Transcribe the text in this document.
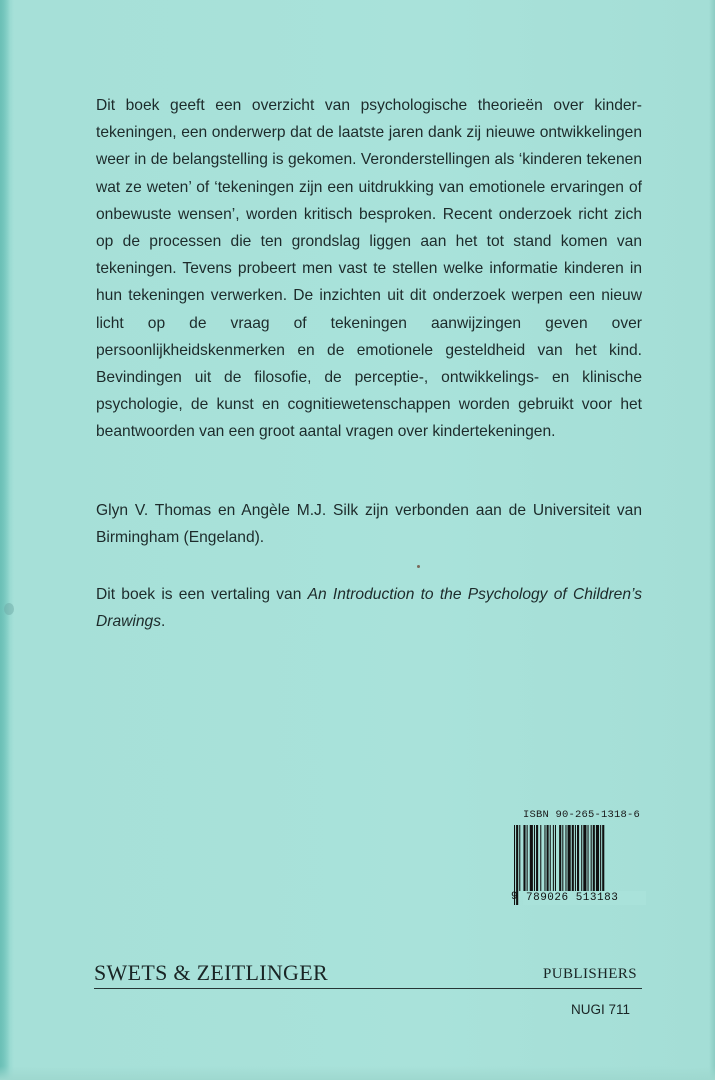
Dit boek geeft een overzicht van psychologische theorieën over kindertekeningen, een onderwerp dat de laatste jaren dank zij nieuwe ontwikkelingen weer in de belangstelling is gekomen. Veronderstellingen als ‘kinderen tekenen wat ze weten’ of ‘tekeningen zijn een uitdrukking van emotionele ervaringen of onbewuste wensen’, worden kritisch besproken. Recent onderzoek richt zich op de processen die ten grondslag liggen aan het tot stand komen van tekeningen. Tevens probeert men vast te stellen welke informatie kinderen in hun tekeningen verwerken. De inzichten uit dit onderzoek werpen een nieuw licht op de vraag of tekeningen aanwijzingen geven over persoonlijkheidskenmerken en de emotionele gesteldheid van het kind. Bevindingen uit de filosofie, de perceptie-, ontwikkelings- en klinische psychologie, de kunst en cognitiewetenschappen worden gebruikt voor het beantwoorden van een groot aantal vragen over kindertekeningen.

Glyn V. Thomas en Angèle M.J. Silk zijn verbonden aan de Universiteit van Birmingham (Engeland).

Dit boek is een vertaling van An Introduction to the Psychology of Children’s Drawings.

ISBN 90-265-1318-6
9 789026 513183
SWETS & ZEITLINGER	PUBLISHERS
NUGI 711
